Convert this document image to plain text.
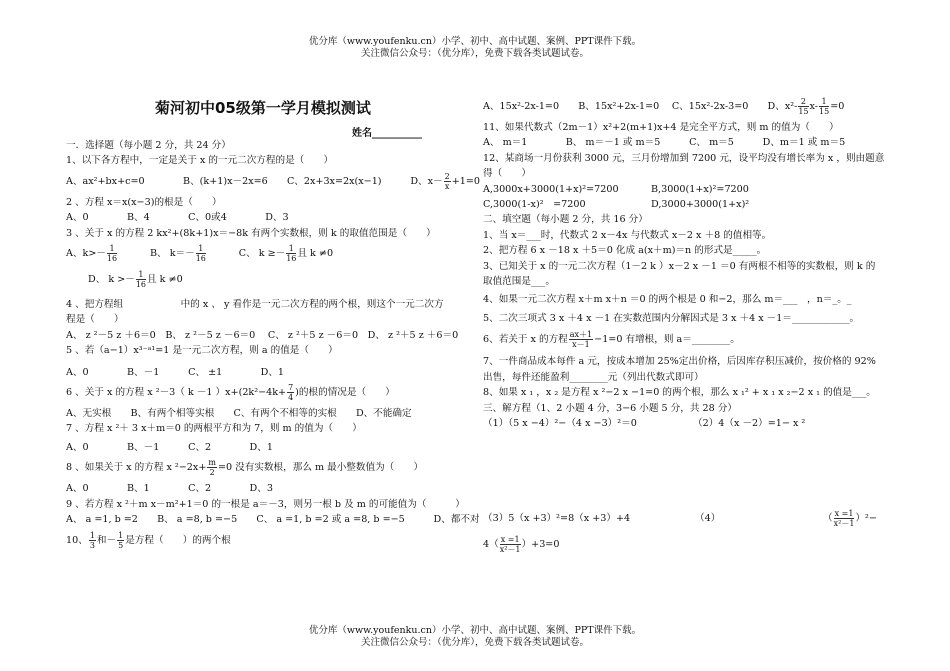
优分库（www.youfenku.cn）小学、初中、高中试题、案例、PPT课件下载。
关注微信公众号：（优分库），免费下载各类试题试卷。
菊河初中05级第一学月模拟测试
姓名__________

一．选择题（每小题 2 分，共 24 分）

1、以下各方程中，一定是关于 x 的一元二次方程的是（　　）

A、ax²+bx+c=0　　　　B、(k+1)x－2x=6　　C、2x+3x=2x(x−1)　　　D、$x- \frac{2}{x} +1=0$

2 、方程 x＝x(x−3)的根是（　　）

A、0　　　　B、4　　　　C、0或4　　　　D、3

3 、关于 x 的方程 2 kx²+(8k+1)x＝−8k 有两个实数根，则 k 的取值范围是（　　）

A、$k>- \frac{1}{16}$
　　　	B、 $k=- \frac{1}{16}$
　　　	C、 $k \ge- \frac{1}{16}$ 且 k ≠0

D、 $k >- \frac{1}{16}$ 且 k ≠0

4 、把方程组　　　　　　中的 x 、 y 看作是一元二次方程的两个根，则这个一元二次方

程是（　　）

A、 z ²－5 z ＋6＝0　B、 z ²－5 z －6＝0　 C、 z ²＋5 z －6＝0　D、 z ²＋5 z ＋6＝0

5 、若（a−1）x³⁻ᵃ¹=1 是一元二次方程，则 a 的值是（　　）

A、0　　　　B、－1　　　C、 ±1　　　　D、1

6 、关于 x 的方程 x ²－3（ k －1 ）$x+(2k^2-4k+ \frac{7}{4}$ )的根的情况是（　　）

A、无实根　　B、有两个相等实根　　C、有两个不相等的实根　　D、不能确定

7 、方程 x ²＋ 3 x＋m＝0 的两根平方和为 7，则 m 的值为（　　）

A、0　　　　B、－1　　　C、2　　　　D、1

8 、如果关于 x 的方程 x $^2-2x+ \frac{m}{2} =0$ 没有实数根，那么 m 最小整数值为（　　）

A、0　　　　B、1　　　　C、2　　　　D、3

9 、若方程 x ²＋m x－m²+1＝0 的一根是 a＝－3，则另一根 b 及 m 的可能值为（　　　）

A、 a =1, b =2　　B、 a =8, b =−5　　C、 a =1, b =2 或 a =8, b =−5　　　D、都不对

10、 $\frac{1}{3}$ 和－ $\frac{1}{5}$ 是方程（　　）的两个根

A、15x²-2x-1=0　　B、15x²+2x-1=0　 C、15x²-2x-3=0　　D、$x^2- \frac{2}{15} x- \frac{1}{15} =0$

11、如果代数式（2m－1）x²+2(m+1)x+4 是完全平方式，则 m 的值为（　　）

A、 m＝1　　　　B、 m＝－1 或 m＝5　　　C、 m＝5　　　D、m＝1 或 m＝5

12、某商场一月份获利 3000 元，三月份增加到 7200 元，设平均没有增长率为 x ，则由题意

得（　　）

A,3000x+3000(1+x)²=7200	B,3000(1+x)²=7200

C,3000(1-x)²　=7200	D,3000+3000(1+x)²

二、填空题（每小题 2 分，共 16 分）

1、当 x＝___时，代数式 2 x－4x 与代数式 x－2 x ＋8 的值相等。

2、把方程 6 x －18 x ＋5＝0 化成 a(x＋m)＝n 的形式是_____。

3、已知关于 x 的一元二次方程（1－2 k ）x－2 x －1 ＝0 有两根不相等的实数根，则 k 的

取值范围是___。

4、如果一元二次方程 x＋m x＋n ＝0 的两个根是 0 和−2，那么 m＝___　，n＝_。_

5、二次三项式 3 x ＋4 x －1 在实数范围内分解因式是 3 x ＋4 x －1＝____________。

6、若关于 x 的方程 $\frac{ax+1}{x-1} -1=0$ 有增根，则 a＝________。

7、一件商品成本每件 a 元，按成本增加 25%定出价格，后因库存积压减价，按价格的 92%

出售，每件还能盈利________元（列出代数式即可）

8、如果 x ₁ ，x ₂ 是方程 x ²−2 x −1=0 的两个根，那么 x ₁² + x ₁ x ₂−2 x ₁ 的值是___。

三、解方程（1、2 小题 4 分，3−6 小题 5 分，共 28 分）

（1）（5 x −4）²−（4 x −3）²＝0	（2）4（x －2）=1− x ²

（3）5（x +3）²=8（x +3）+4	（4）	（ $\frac{x =1}{\text{x²－1}} )^2-$

$4( \frac{x =1}{\text{x²－1}} )+3=0$

优分库（www.youfenku.cn）小学、初中、高中试题、案例、PPT课件下载。
关注微信公众号：（优分库），免费下载各类试题试卷。
